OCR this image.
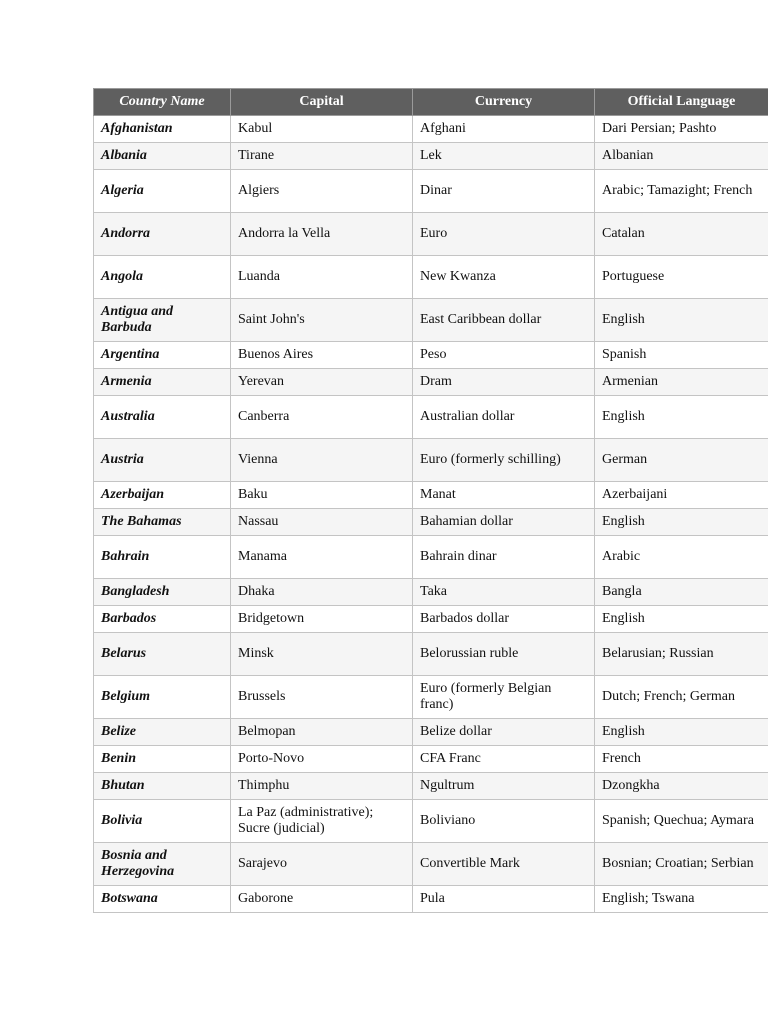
Country Name	Capital	Currency	Official Language
Afghanistan	Kabul	Afghani	Dari Persian; Pashto
Albania	Tirane	Lek	Albanian
Algeria	Algiers	Dinar	Arabic; Tamazight; French
Andorra	Andorra la Vella	Euro	Catalan
Angola	Luanda	New Kwanza	Portuguese
Antigua and Barbuda	Saint John's	East Caribbean dollar	English
Argentina	Buenos Aires	Peso	Spanish
Armenia	Yerevan	Dram	Armenian
Australia	Canberra	Australian dollar	English
Austria	Vienna	Euro (formerly schilling)	German
Azerbaijan	Baku	Manat	Azerbaijani
The Bahamas	Nassau	Bahamian dollar	English
Bahrain	Manama	Bahrain dinar	Arabic
Bangladesh	Dhaka	Taka	Bangla
Barbados	Bridgetown	Barbados dollar	English
Belarus	Minsk	Belorussian ruble	Belarusian; Russian
Belgium	Brussels	Euro (formerly Belgian franc)	Dutch; French; German
Belize	Belmopan	Belize dollar	English
Benin	Porto-Novo	CFA Franc	French
Bhutan	Thimphu	Ngultrum	Dzongkha
Bolivia	La Paz (administrative); Sucre (judicial)	Boliviano	Spanish; Quechua; Aymara
Bosnia and Herzegovina	Sarajevo	Convertible Mark	Bosnian; Croatian; Serbian
Botswana	Gaborone	Pula	English; Tswana
